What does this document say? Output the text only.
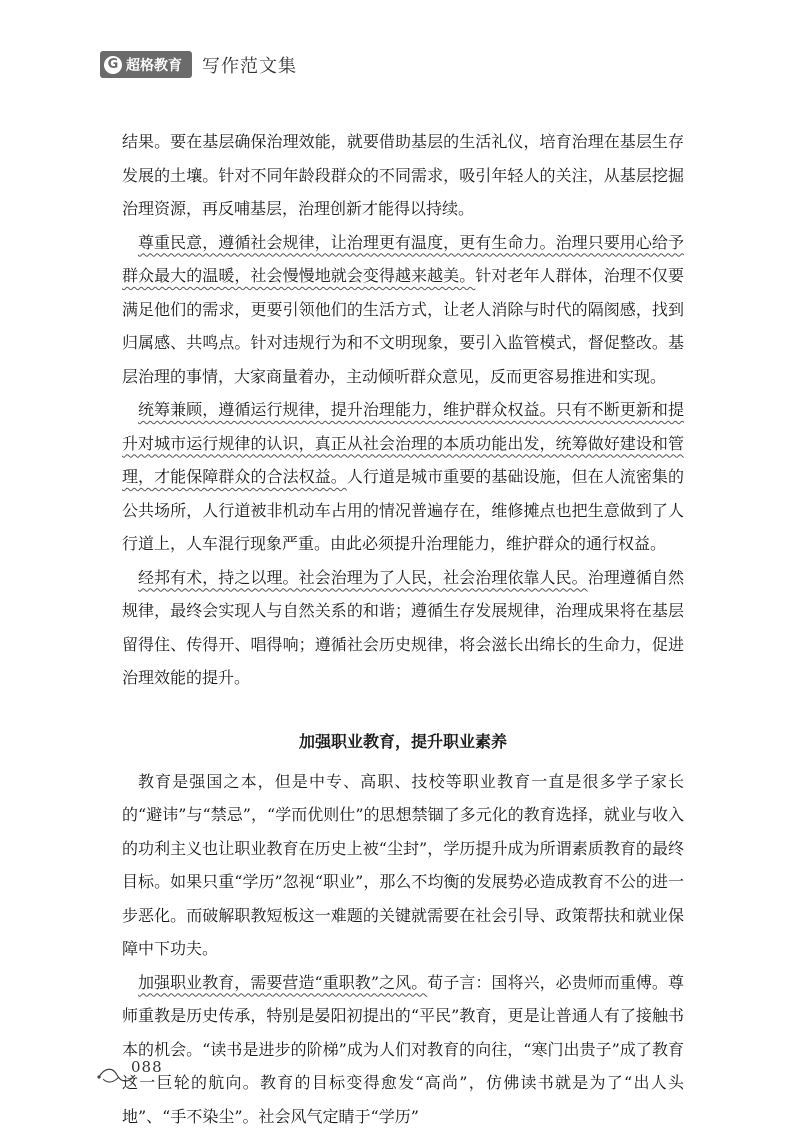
G 超格教育 写作范文集

结果。要在基层确保治理效能，就要借助基层的生活礼仪，培育治理在基层生存发展的土壤。针对不同年龄段群众的不同需求，吸引年轻人的关注，从基层挖掘治理资源，再反哺基层，治理创新才能得以持续。

尊重民意，遵循社会规律，让治理更有温度，更有生命力。治理只要用心给予群众最大的温暖，社会慢慢地就会变得越来越美。针对老年人群体，治理不仅要满足他们的需求，更要引领他们的生活方式，让老人消除与时代的隔阂感，找到归属感、共鸣点。针对违规行为和不文明现象，要引入监管模式，督促整改。基层治理的事情，大家商量着办，主动倾听群众意见，反而更容易推进和实现。

统筹兼顾，遵循运行规律，提升治理能力，维护群众权益。只有不断更新和提升对城市运行规律的认识，真正从社会治理的本质功能出发，统筹做好建设和管理，才能保障群众的合法权益。人行道是城市重要的基础设施，但在人流密集的公共场所，人行道被非机动车占用的情况普遍存在，维修摊点也把生意做到了人行道上，人车混行现象严重。由此必须提升治理能力，维护群众的通行权益。

经邦有术，持之以理。社会治理为了人民，社会治理依靠人民。治理遵循自然规律，最终会实现人与自然关系的和谐；遵循生存发展规律，治理成果将在基层留得住、传得开、唱得响；遵循社会历史规律，将会滋长出绵长的生命力，促进治理效能的提升。

加强职业教育，提升职业素养

教育是强国之本，但是中专、高职、技校等职业教育一直是很多学子家长的“避讳”与“禁忌”，“学而优则仕”的思想禁锢了多元化的教育选择，就业与收入的功利主义也让职业教育在历史上被“尘封”，学历提升成为所谓素质教育的最终目标。如果只重“学历”忽视“职业”，那么不均衡的发展势必造成教育不公的进一步恶化。而破解职教短板这一难题的关键就需要在社会引导、政策帮扶和就业保障中下功夫。

加强职业教育，需要营造“重职教”之风。荀子言：国将兴，必贵师而重傅。尊师重教是历史传承，特别是晏阳初提出的“平民”教育，更是让普通人有了接触书本的机会。“读书是进步的阶梯”成为人们对教育的向往，“寒门出贵子”成了教育这一巨轮的航向。教育的目标变得愈发“高尚”，仿佛读书就是为了“出人头地”、“手不染尘”。社会风气定睛于“学历”

088
